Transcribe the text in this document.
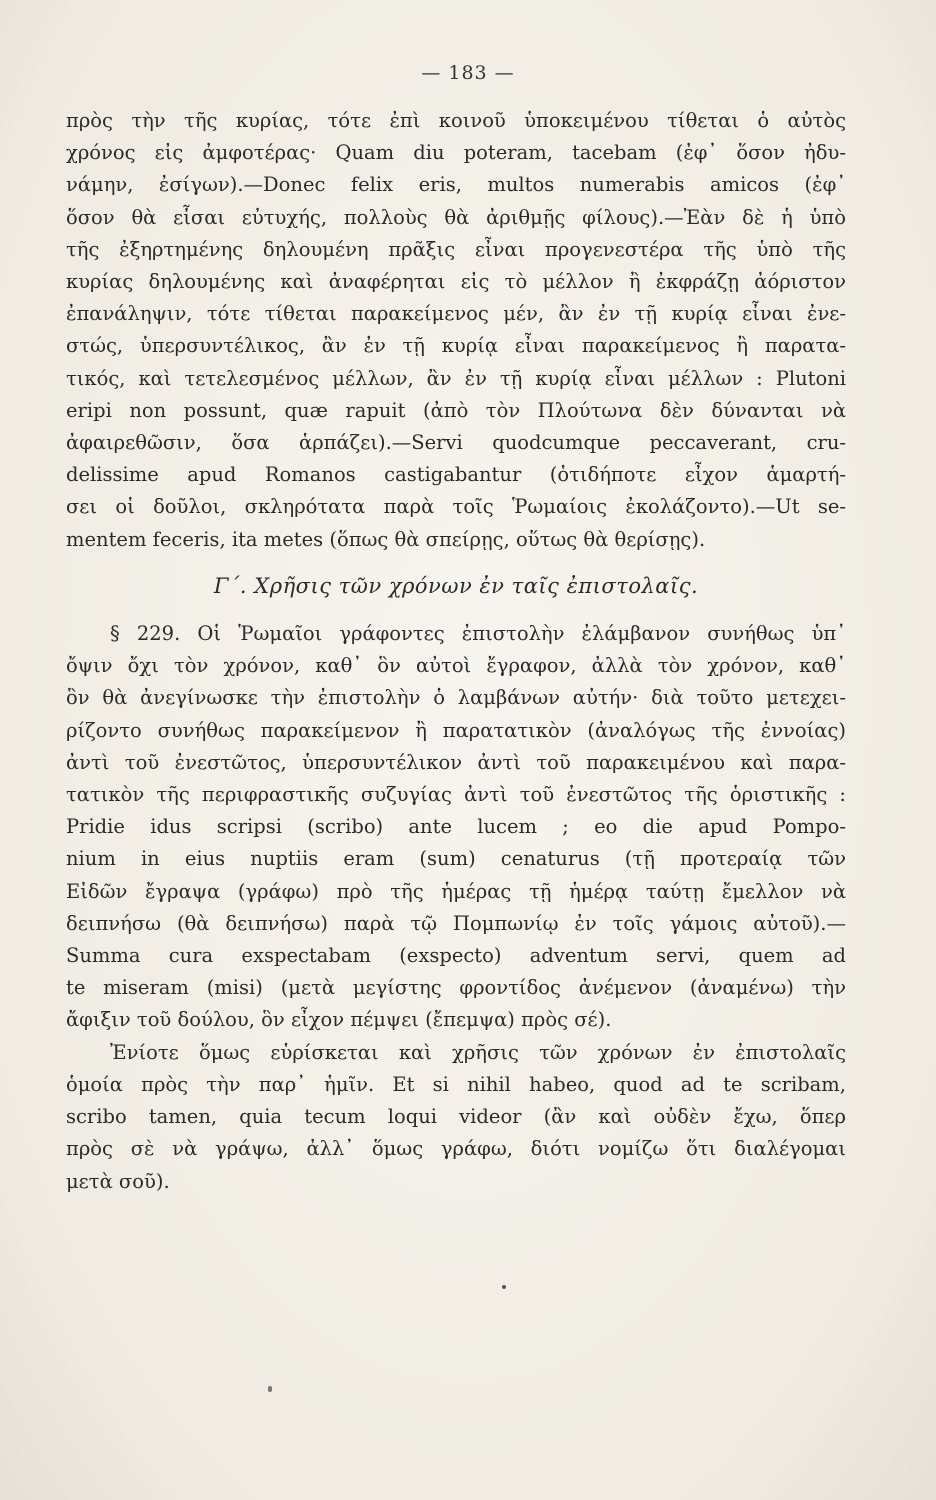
— 183 —
πρὸς τὴν τῆς κυρίας, τότε ἐπὶ κοινοῦ ὑποκειμένου τίθεται ὁ αὐτὸς
χρόνος εἰς ἀμφοτέρας· Quam diu poteram, tacebam (ἐφ᾽ ὅσον ἠδυ-
νάμην, ἐσίγων).—Donec felix eris, multos numerabis amicos (ἐφ᾽
ὅσον θὰ εἶσαι εὐτυχής, πολλοὺς θὰ ἀριθμῇς φίλους).—Ἐὰν δὲ ἡ ὑπὸ
τῆς ἐξηρτημένης δηλουμένη πρᾶξις εἶναι προγενεστέρα τῆς ὑπὸ τῆς
κυρίας δηλουμένης καὶ ἀναφέρηται εἰς τὸ μέλλον ἢ ἐκφράζῃ ἀόριστον
ἐπανάληψιν, τότε τίθεται παρακείμενος μέν, ἂν ἐν τῇ κυρίᾳ εἶναι ἐνε-
στώς, ὑπερσυντέλικος, ἂν ἐν τῇ κυρίᾳ εἶναι παρακείμενος ἢ παρατα-
τικός, καὶ τετελεσμένος μέλλων, ἂν ἐν τῇ κυρίᾳ εἶναι μέλλων : Plutoni
eripi non possunt, quæ rapuit (ἀπὸ τὸν Πλούτωνα δὲν δύνανται νὰ
ἀφαιρεθῶσιν, ὅσα ἁρπάζει).—Servi quodcumque peccaverant, cru-
delissime apud Romanos castigabantur (ὁτιδήποτε εἶχον ἁμαρτή-
σει οἱ δοῦλοι, σκληρότατα παρὰ τοῖς Ῥωμαίοις ἐκολάζοντο).—Ut se-
mentem feceris, ita metes (ὅπως θὰ σπείρῃς, οὕτως θὰ θερίσῃς).
Γ΄. Χρῆσις τῶν χρόνων ἐν ταῖς ἐπιστολαῖς.
§ 229. Οἱ Ῥωμαῖοι γράφοντες ἐπιστολὴν ἐλάμβανον συνήθως ὑπ᾽
ὄψιν ὄχι τὸν χρόνον, καθ᾽ ὃν αὐτοὶ ἔγραφον, ἀλλὰ τὸν χρόνον, καθ᾽
ὃν θὰ ἀνεγίνωσκε τὴν ἐπιστολὴν ὁ λαμβάνων αὐτήν· διὰ τοῦτο μετεχει-
ρίζοντο συνήθως παρακείμενον ἢ παρατατικὸν (ἀναλόγως τῆς ἐννοίας)
ἀντὶ τοῦ ἐνεστῶτος, ὑπερσυντέλικον ἀντὶ τοῦ παρακειμένου καὶ παρα-
τατικὸν τῆς περιφραστικῆς συζυγίας ἀντὶ τοῦ ἐνεστῶτος τῆς ὁριστικῆς :
Pridie idus scripsi (scribo) ante lucem ; eo die apud Pompo-
nium in eius nuptiis eram (sum) cenaturus (τῇ προτεραίᾳ τῶν
Εἰδῶν ἔγραψα (γράφω) πρὸ τῆς ἡμέρας τῇ ἡμέρᾳ ταύτῃ ἔμελλον νὰ
δειπνήσω (θὰ δειπνήσω) παρὰ τῷ Πομπωνίῳ ἐν τοῖς γάμοις αὐτοῦ).—
Summa cura exspectabam (exspecto) adventum servi, quem ad
te miseram (misi) (μετὰ μεγίστης φροντίδος ἀνέμενον (ἀναμένω) τὴν
ἄφιξιν τοῦ δούλου, ὃν εἶχον πέμψει (ἔπεμψα) πρὸς σέ).
Ἐνίοτε ὅμως εὑρίσκεται καὶ χρῆσις τῶν χρόνων ἐν ἐπιστολαῖς
ὁμοία πρὸς τὴν παρ᾽ ἡμῖν. Et si nihil habeo, quod ad te scribam,
scribo tamen, quia tecum loqui videor (ἂν καὶ οὐδὲν ἔχω, ὅπερ
πρὸς σὲ νὰ γράψω, ἀλλ᾽ ὅμως γράφω, διότι νομίζω ὅτι διαλέγομαι
μετὰ σοῦ).
